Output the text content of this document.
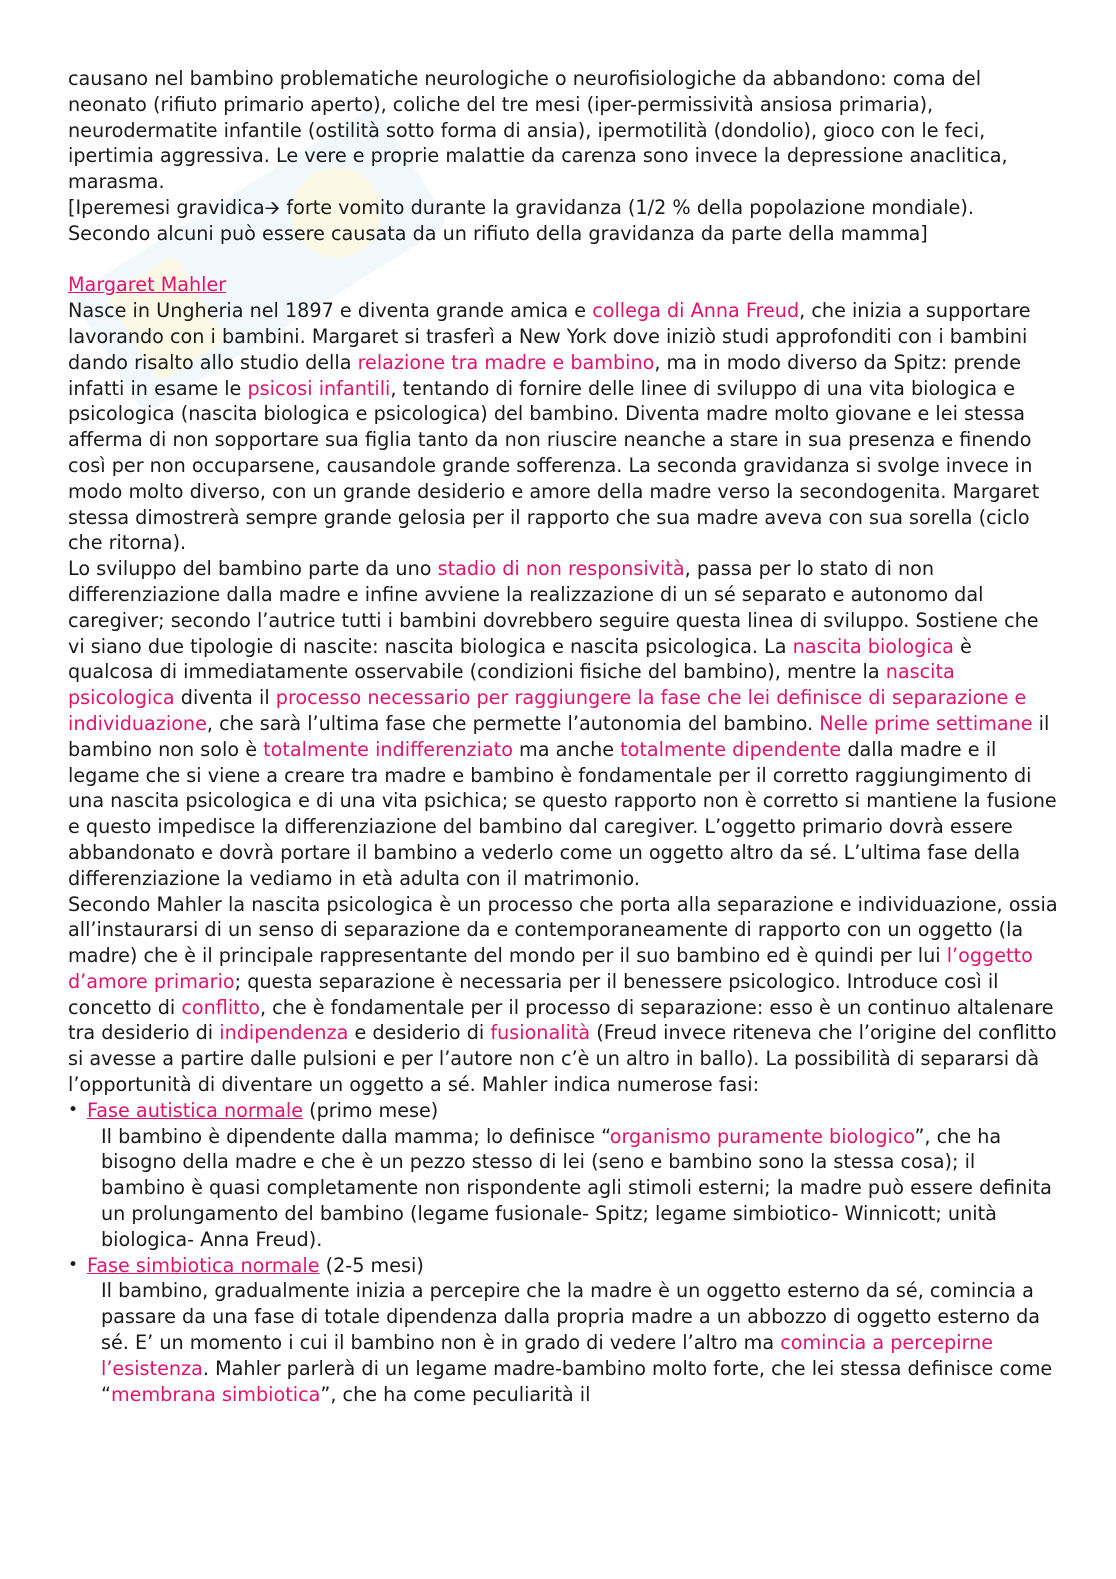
causano nel bambino problematiche neurologiche o neurofisiologiche da abbandono: coma del neonato (rifiuto primario aperto), coliche del tre mesi (iper-permissività ansiosa primaria), neurodermatite infantile (ostilità sotto forma di ansia), ipermotilità (dondolio), gioco con le feci, ipertimia aggressiva. Le vere e proprie malattie da carenza sono invece la depressione anaclitica, marasma.

[Iperemesi gravidica🡪 forte vomito durante la gravidanza (1/2 % della popolazione mondiale). Secondo alcuni può essere causata da un rifiuto della gravidanza da parte della mamma]

Margaret Mahler

Nasce in Ungheria nel 1897 e diventa grande amica e collega di Anna Freud, che inizia a supportare lavorando con i bambini. Margaret si trasferì a New York dove iniziò studi approfonditi con i bambini dando risalto allo studio della relazione tra madre e bambino, ma in modo diverso da Spitz: prende infatti in esame le psicosi infantili, tentando di fornire delle linee di sviluppo di una vita biologica e psicologica (nascita biologica e psicologica) del bambino. Diventa madre molto giovane e lei stessa afferma di non sopportare sua figlia tanto da non riuscire neanche a stare in sua presenza e finendo così per non occuparsene, causandole grande sofferenza. La seconda gravidanza si svolge invece in modo molto diverso, con un grande desiderio e amore della madre verso la secondogenita. Margaret stessa dimostrerà sempre grande gelosia per il rapporto che sua madre aveva con sua sorella (ciclo che ritorna).

Lo sviluppo del bambino parte da uno stadio di non responsività, passa per lo stato di non differenziazione dalla madre e infine avviene la realizzazione di un sé separato e autonomo dal caregiver; secondo l’autrice tutti i bambini dovrebbero seguire questa linea di sviluppo. Sostiene che vi siano due tipologie di nascite: nascita biologica e nascita psicologica. La nascita biologica è qualcosa di immediatamente osservabile (condizioni fisiche del bambino), mentre la nascita psicologica diventa il processo necessario per raggiungere la fase che lei definisce di separazione e individuazione, che sarà l’ultima fase che permette l’autonomia del bambino. Nelle prime settimane il bambino non solo è totalmente indifferenziato ma anche totalmente dipendente dalla madre e il legame che si viene a creare tra madre e bambino è fondamentale per il corretto raggiungimento di una nascita psicologica e di una vita psichica; se questo rapporto non è corretto si mantiene la fusione e questo impedisce la differenziazione del bambino dal caregiver. L’oggetto primario dovrà essere abbandonato e dovrà portare il bambino a vederlo come un oggetto altro da sé. L’ultima fase della differenziazione la vediamo in età adulta con il matrimonio.

Secondo Mahler la nascita psicologica è un processo che porta alla separazione e individuazione, ossia all’instaurarsi di un senso di separazione da e contemporaneamente di rapporto con un oggetto (la madre) che è il principale rappresentante del mondo per il suo bambino ed è quindi per lui l’oggetto d’amore primario; questa separazione è necessaria per il benessere psicologico. Introduce così il concetto di conflitto, che è fondamentale per il processo di separazione: esso è un continuo altalenare tra desiderio di indipendenza e desiderio di fusionalità (Freud invece riteneva che l’origine del conflitto si avesse a partire dalle pulsioni e per l’autore non c’è un altro in ballo). La possibilità di separarsi dà l’opportunità di diventare un oggetto a sé. Mahler indica numerose fasi:

• Fase autistica normale (primo mese)

Il bambino è dipendente dalla mamma; lo definisce “organismo puramente biologico”, che ha bisogno della madre e che è un pezzo stesso di lei (seno e bambino sono la stessa cosa); il bambino è quasi completamente non rispondente agli stimoli esterni; la madre può essere definita un prolungamento del bambino (legame fusionale- Spitz; legame simbiotico- Winnicott; unità biologica- Anna Freud).

• Fase simbiotica normale (2-5 mesi)

Il bambino, gradualmente inizia a percepire che la madre è un oggetto esterno da sé, comincia a passare da una fase di totale dipendenza dalla propria madre a un abbozzo di oggetto esterno da sé. E’ un momento i cui il bambino non è in grado di vedere l’altro ma comincia a percepirne l’esistenza. Mahler parlerà di un legame madre-bambino molto forte, che lei stessa definisce come “membrana simbiotica”, che ha come peculiarità il
